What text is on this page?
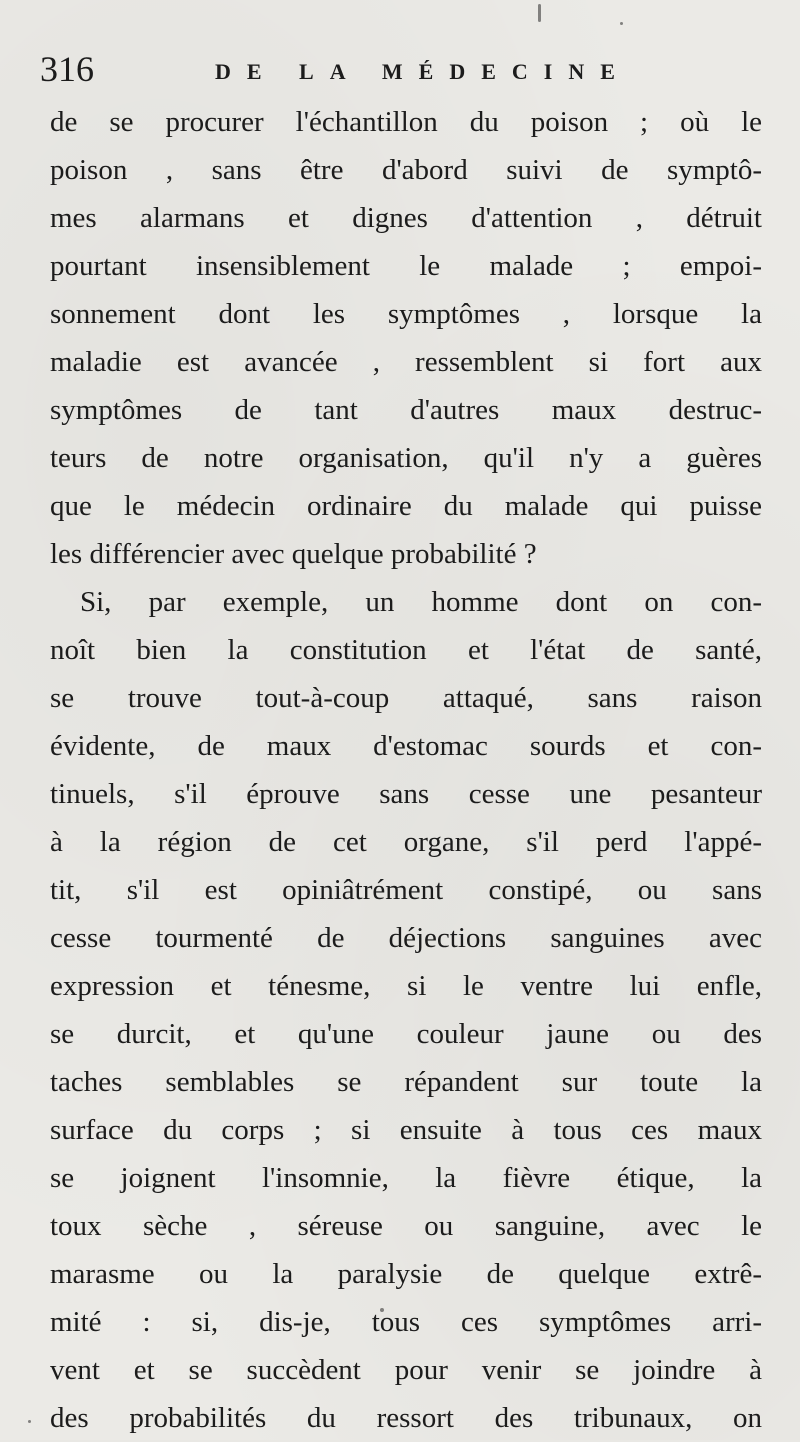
316	DE LA MÉDECINE
de se procurer l'échantillon du poison ; où le
poison , sans être d'abord suivi de symptô-
mes alarmans et dignes d'attention , détruit
pourtant insensiblement le malade ; empoi-
sonnement dont les symptômes , lorsque la
maladie est avancée , ressemblent si fort aux
symptômes de tant d'autres maux destruc-
teurs de notre organisation, qu'il n'y a guères
que le médecin ordinaire du malade qui puisse
les différencier avec quelque probabilité ?
Si, par exemple, un homme dont on con-
noît bien la constitution et l'état de santé,
se trouve tout-à-coup attaqué, sans raison
évidente, de maux d'estomac sourds et con-
tinuels, s'il éprouve sans cesse une pesanteur
à la région de cet organe, s'il perd l'appé-
tit, s'il est opiniâtrément constipé, ou sans
cesse tourmenté de déjections sanguines avec
expression et ténesme, si le ventre lui enfle,
se durcit, et qu'une couleur jaune ou des
taches semblables se répandent sur toute la
surface du corps ; si ensuite à tous ces maux
se joignent l'insomnie, la fièvre étique, la
toux sèche , séreuse ou sanguine, avec le
marasme ou la paralysie de quelque extrê-
mité : si, dis-je, tous ces symptômes arri-
vent et se succèdent pour venir se joindre à
des probabilités du ressort des tribunaux, on
